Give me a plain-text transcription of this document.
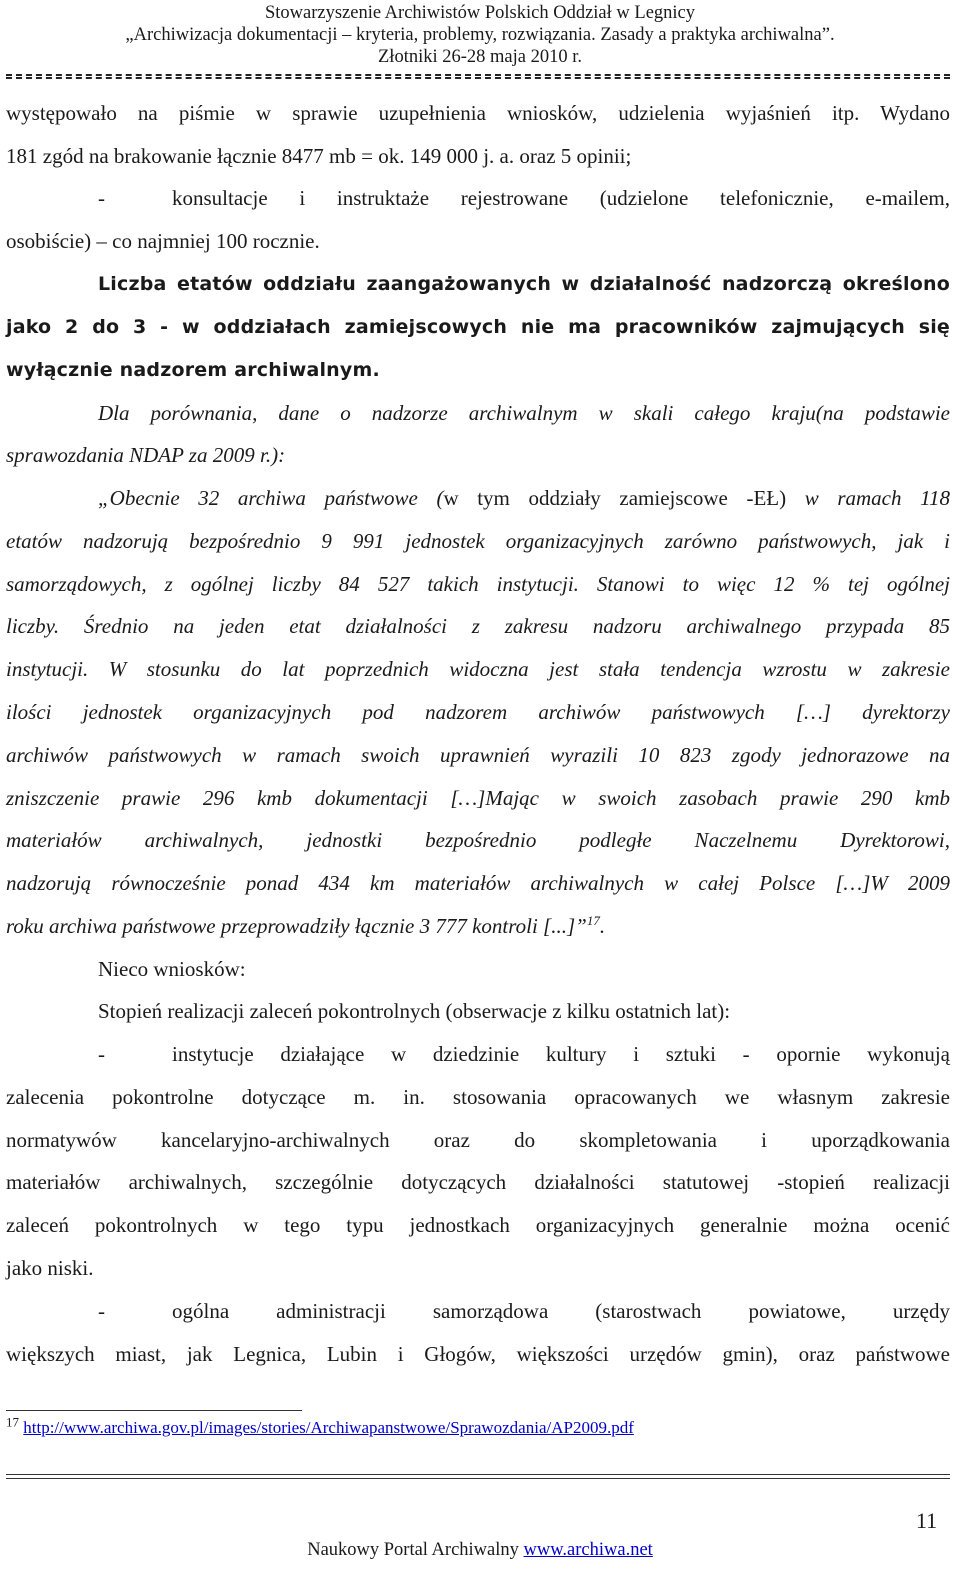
Stowarzyszenie Archiwistów Polskich Oddział w Legnicy
„Archiwizacja dokumentacji – kryteria, problemy, rozwiązania. Zasady a praktyka archiwalna”.
Złotniki 26-28 maja 2010 r.
występowało na piśmie w sprawie uzupełnienia wniosków, udzielenia wyjaśnień itp. Wydano
181 zgód na brakowanie łącznie 8477 mb = ok. 149 000 j. a. oraz 5 opinii;
-	konsultacje i instruktaże rejestrowane (udzielone telefonicznie, e-mailem,
osobiście) – co najmniej 100 rocznie.
Liczba etatów oddziału zaangażowanych w działalność nadzorczą określono
jako 2 do 3 - w oddziałach zamiejscowych nie ma pracowników zajmujących się
wyłącznie nadzorem archiwalnym.
Dla porównania, dane o nadzorze archiwalnym w skali całego kraju(na podstawie
sprawozdania NDAP za 2009 r.):
„Obecnie 32 archiwa państwowe (w tym oddziały zamiejscowe -EŁ) w ramach 118
etatów nadzorują bezpośrednio 9 991 jednostek organizacyjnych zarówno państwowych, jak i
samorządowych, z ogólnej liczby 84 527 takich instytucji. Stanowi to więc 12 % tej ogólnej
liczby. Średnio na jeden etat działalności z zakresu nadzoru archiwalnego przypada 85
instytucji. W stosunku do lat poprzednich widoczna jest stała tendencja wzrostu w zakresie
ilości jednostek organizacyjnych pod nadzorem archiwów państwowych […] dyrektorzy
archiwów państwowych w ramach swoich uprawnień wyrazili 10 823 zgody jednorazowe na
zniszczenie prawie 296 kmb dokumentacji […]Mając w swoich zasobach prawie 290 kmb
materiałów archiwalnych, jednostki bezpośrednio podległe Naczelnemu Dyrektorowi,
nadzorują równocześnie ponad 434 km materiałów archiwalnych w całej Polsce […]W 2009
roku archiwa państwowe przeprowadziły łącznie 3 777 kontroli [...]”$^{17}$.
Nieco wniosków:
Stopień realizacji zaleceń pokontrolnych (obserwacje z kilku ostatnich lat):
-	instytucje działające w dziedzinie kultury i sztuki - opornie wykonują
zalecenia pokontrolne dotyczące m. in. stosowania opracowanych we własnym zakresie
normatywów kancelaryjno-archiwalnych oraz do skompletowania i uporządkowania
materiałów archiwalnych, szczególnie dotyczących działalności statutowej -stopień realizacji
zaleceń pokontrolnych w tego typu jednostkach organizacyjnych generalnie można ocenić
jako niski.
-	ogólna administracji samorządowa (starostwach powiatowe, urzędy
większych miast, jak Legnica, Lubin i Głogów, większości urzędów gmin), oraz państwowe
$^{17}$ http://www.archiwa.gov.pl/images/stories/Archiwapanstwowe/Sprawozdania/AP2009.pdf
11
Naukowy Portal Archiwalny www.archiwa.net
